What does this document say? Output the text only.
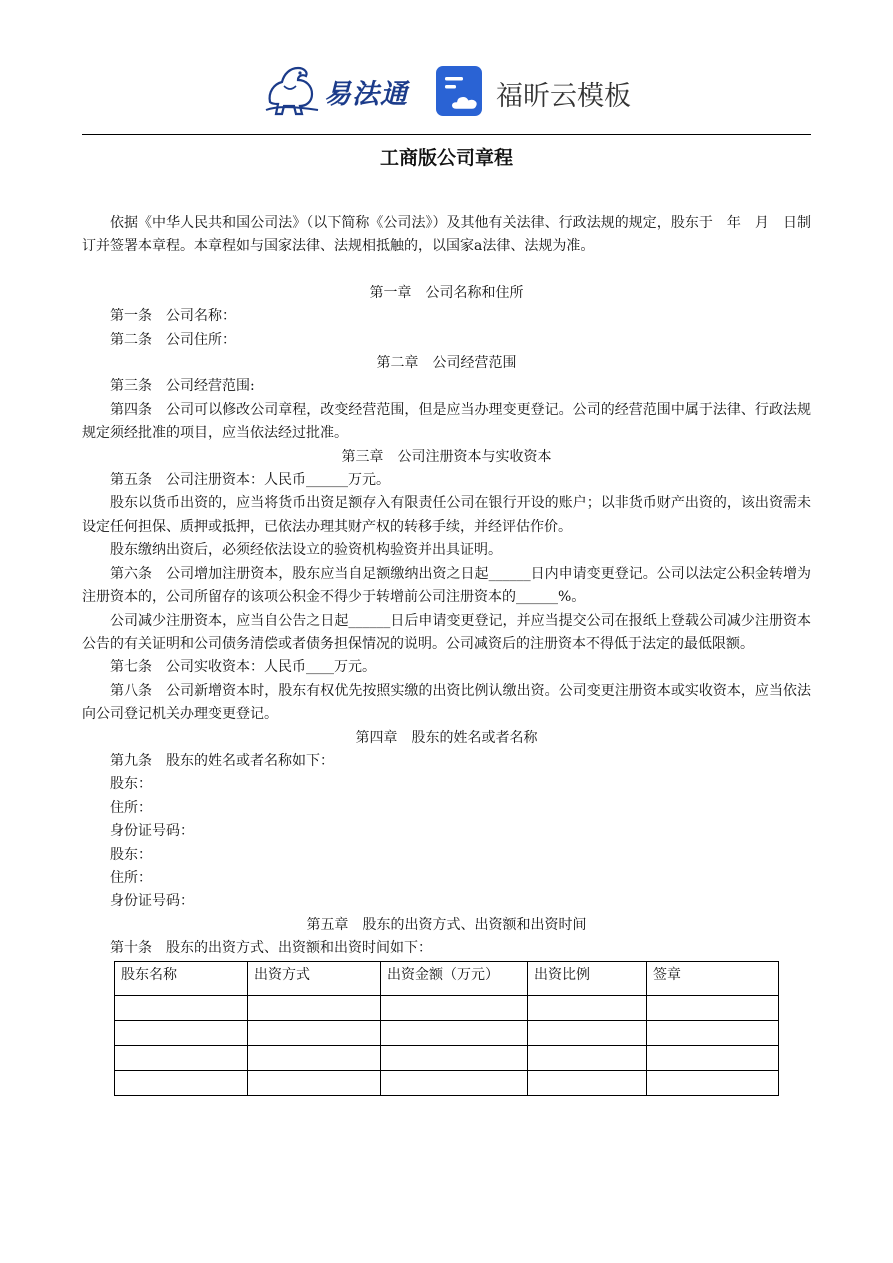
易法通	福昕云模板
工商版公司章程

依据《中华人民共和国公司法》（以下简称《公司法》）及其他有关法律、行政法规的规定，股东于　年　月　日制订并签署本章程。本章程如与国家法律、法规相抵触的，以国家a法律、法规为准。

第一章　公司名称和住所

第一条　公司名称：

第二条　公司住所：

第二章　公司经营范围

第三条　公司经营范围:

第四条　公司可以修改公司章程，改变经营范围，但是应当办理变更登记。公司的经营范围中属于法律、行政法规规定须经批准的项目，应当依法经过批准。

第三章　公司注册资本与实收资本

第五条　公司注册资本：人民币______万元。

股东以货币出资的，应当将货币出资足额存入有限责任公司在银行开设的账户；以非货币财产出资的，该出资需未设定任何担保、质押或抵押，已依法办理其财产权的转移手续，并经评估作价。

股东缴纳出资后，必须经依法设立的验资机构验资并出具证明。

第六条　公司增加注册资本，股东应当自足额缴纳出资之日起______日内申请变更登记。公司以法定公积金转增为注册资本的，公司所留存的该项公积金不得少于转增前公司注册资本的______%。

公司减少注册资本，应当自公告之日起______日后申请变更登记，并应当提交公司在报纸上登载公司减少注册资本公告的有关证明和公司债务清偿或者债务担保情况的说明。公司减资后的注册资本不得低于法定的最低限额。

第七条　公司实收资本：人民币____万元。

第八条　公司新增资本时，股东有权优先按照实缴的出资比例认缴出资。公司变更注册资本或实收资本，应当依法向公司登记机关办理变更登记。

第四章　股东的姓名或者名称

第九条　股东的姓名或者名称如下：

股东：

住所：

身份证号码：

股东：

住所：

身份证号码：

第五章　股东的出资方式、出资额和出资时间

第十条　股东的出资方式、出资额和出资时间如下：

股东名称	出资方式	出资金额（万元）	出资比例	签章
